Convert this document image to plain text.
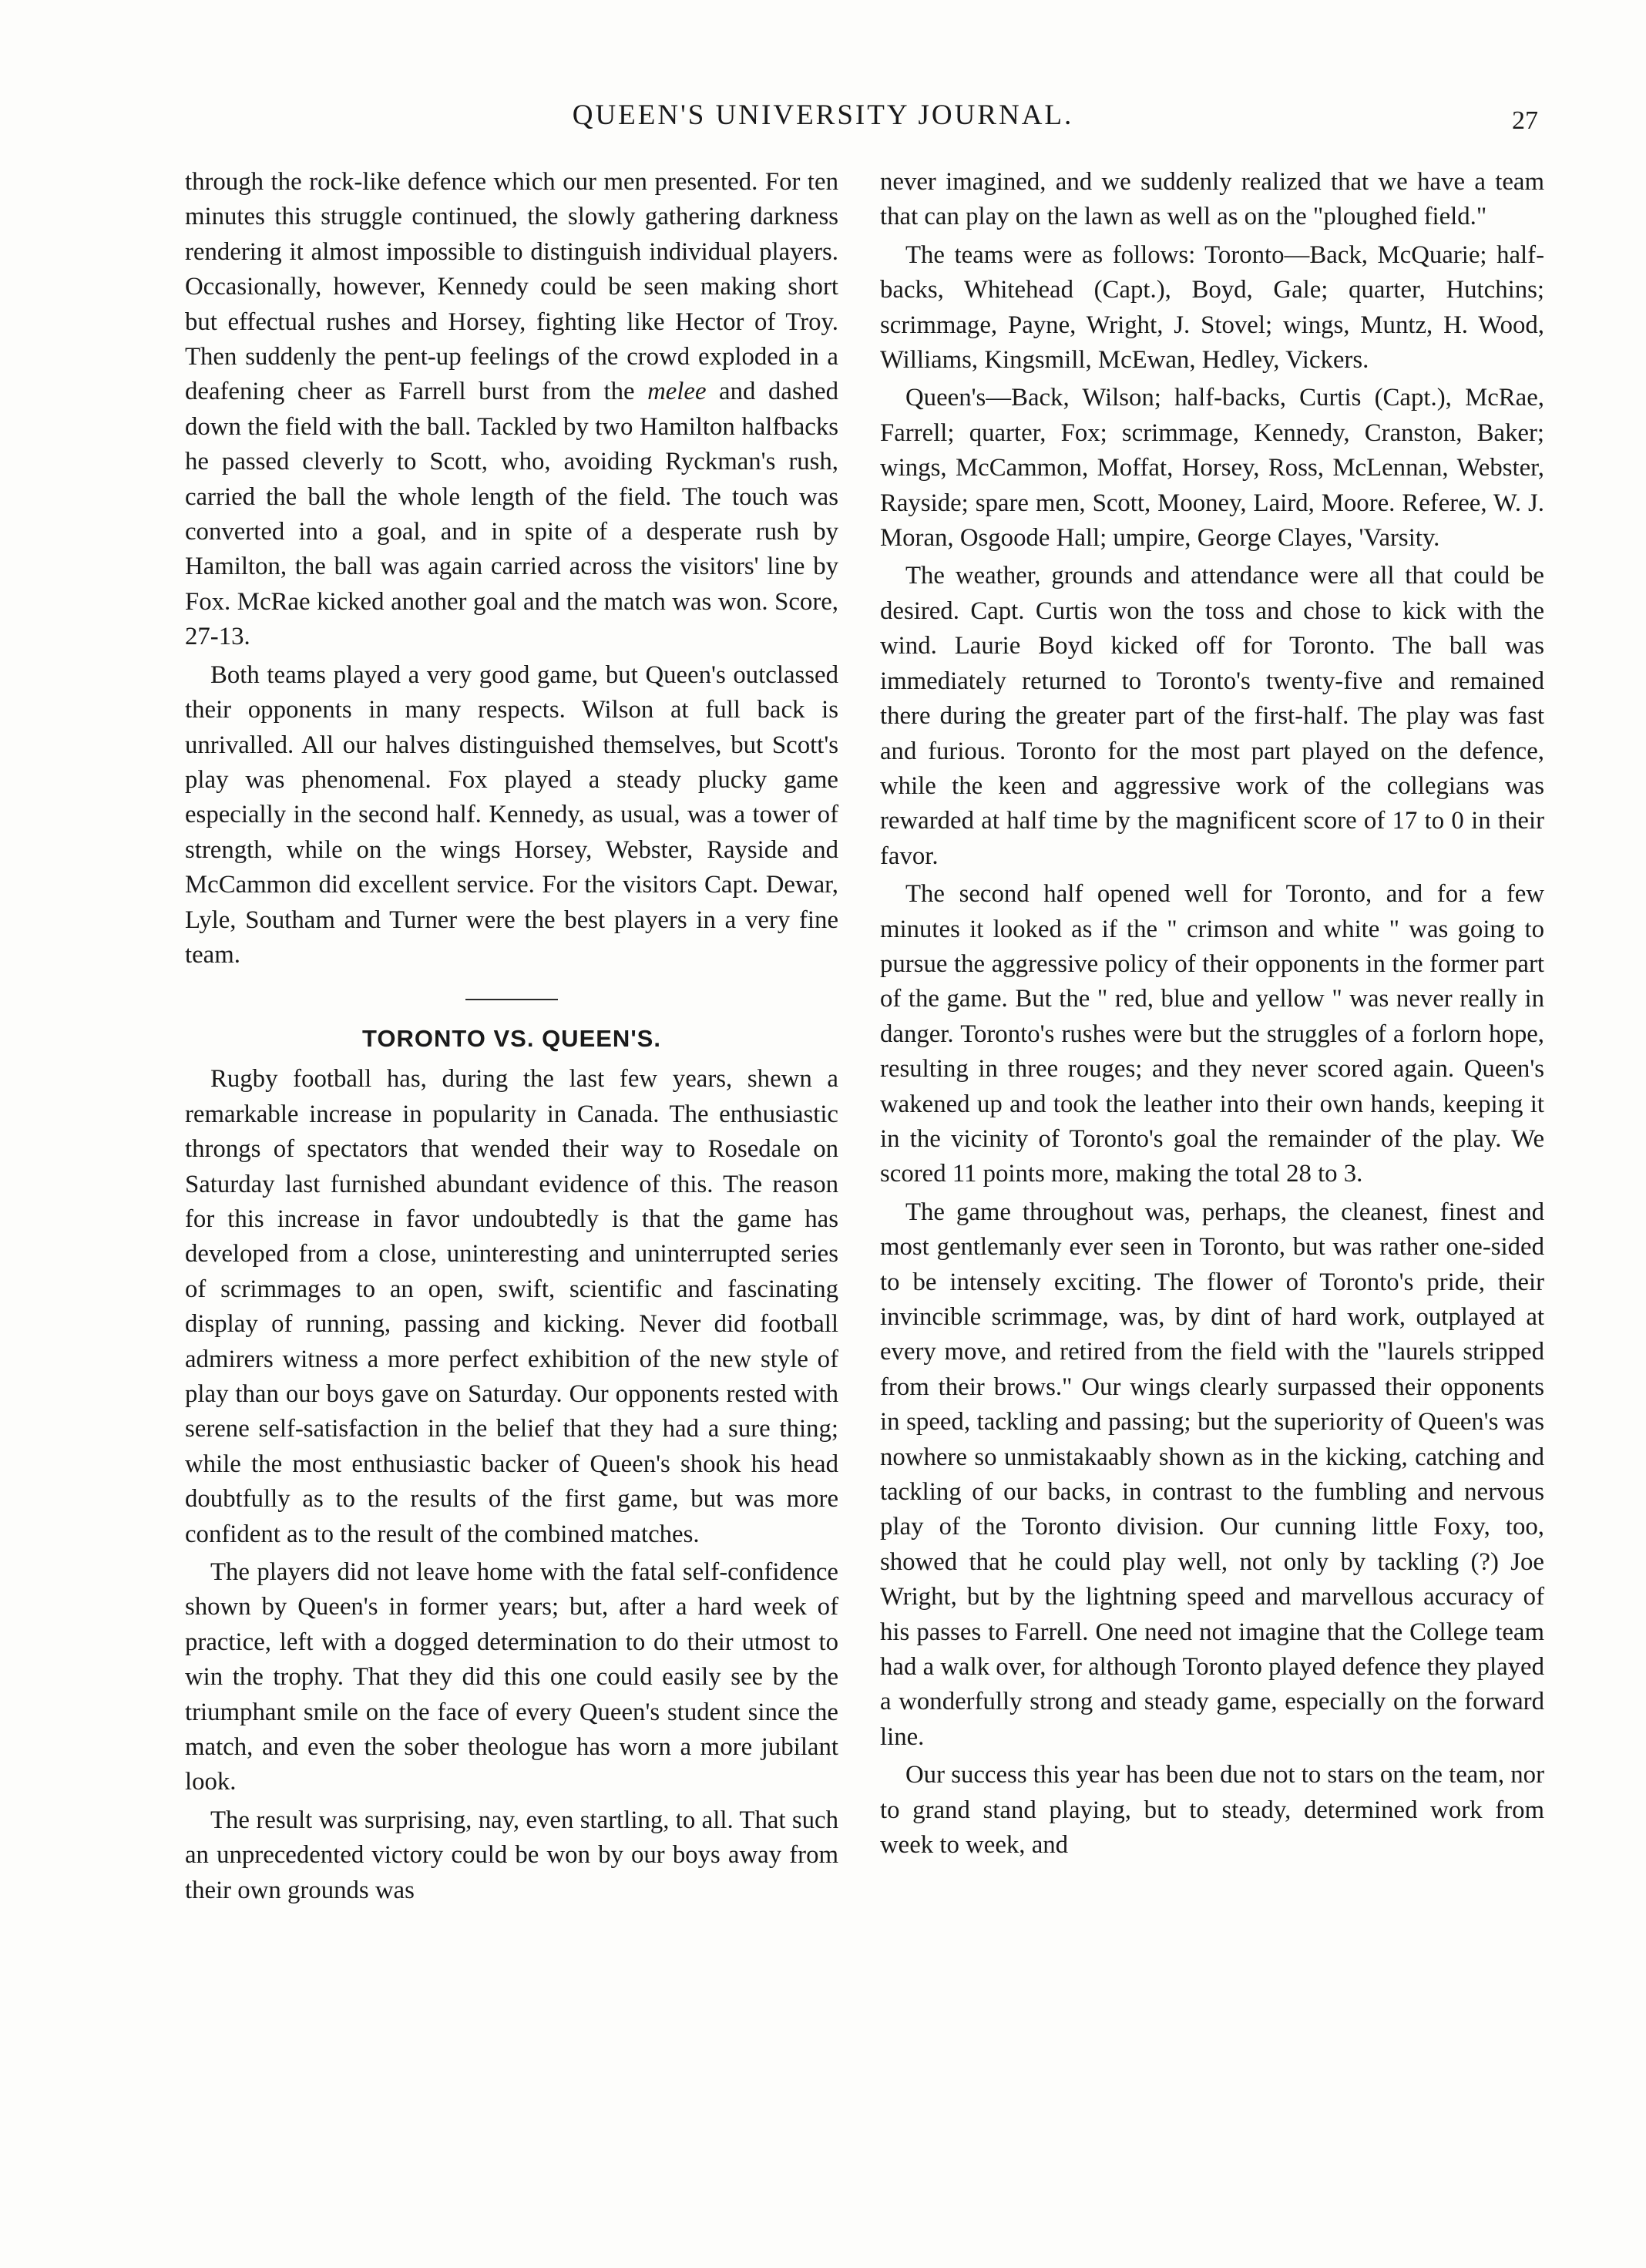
QUEEN'S UNIVERSITY JOURNAL.	27

through the rock-like defence which our men presented. For ten minutes this struggle continued, the slowly gathering darkness rendering it almost impossible to distinguish individual players. Occasionally, however, Kennedy could be seen making short but effectual rushes and Horsey, fighting like Hector of Troy. Then suddenly the pent-up feelings of the crowd exploded in a deafening cheer as Farrell burst from the melee and dashed down the field with the ball. Tackled by two Hamilton halfbacks he passed cleverly to Scott, who, avoiding Ryckman's rush, carried the ball the whole length of the field. The touch was converted into a goal, and in spite of a desperate rush by Hamilton, the ball was again carried across the visitors' line by Fox. McRae kicked another goal and the match was won. Score, 27-13.

Both teams played a very good game, but Queen's outclassed their opponents in many respects. Wilson at full back is unrivalled. All our halves distinguished themselves, but Scott's play was phenomenal. Fox played a steady plucky game especially in the second half. Kennedy, as usual, was a tower of strength, while on the wings Horsey, Webster, Rayside and McCammon did excellent service. For the visitors Capt. Dewar, Lyle, Southam and Turner were the best players in a very fine team.

TORONTO VS. QUEEN'S.

Rugby football has, during the last few years, shewn a remarkable increase in popularity in Canada. The enthusiastic throngs of spectators that wended their way to Rosedale on Saturday last furnished abundant evidence of this. The reason for this increase in favor undoubtedly is that the game has developed from a close, uninteresting and uninterrupted series of scrimmages to an open, swift, scientific and fascinating display of running, passing and kicking. Never did football admirers witness a more perfect exhibition of the new style of play than our boys gave on Saturday. Our opponents rested with serene self-satisfaction in the belief that they had a sure thing; while the most enthusiastic backer of Queen's shook his head doubtfully as to the results of the first game, but was more confident as to the result of the combined matches.

The players did not leave home with the fatal self-confidence shown by Queen's in former years; but, after a hard week of practice, left with a dogged determination to do their utmost to win the trophy. That they did this one could easily see by the triumphant smile on the face of every Queen's student since the match, and even the sober theologue has worn a more jubilant look.

The result was surprising, nay, even startling, to all. That such an unprecedented victory could be won by our boys away from their own grounds was

never imagined, and we suddenly realized that we have a team that can play on the lawn as well as on the "ploughed field."

The teams were as follows: Toronto—Back, McQuarie; half-backs, Whitehead (Capt.), Boyd, Gale; quarter, Hutchins; scrimmage, Payne, Wright, J. Stovel; wings, Muntz, H. Wood, Williams, Kingsmill, McEwan, Hedley, Vickers.

Queen's—Back, Wilson; half-backs, Curtis (Capt.), McRae, Farrell; quarter, Fox; scrimmage, Kennedy, Cranston, Baker; wings, McCammon, Moffat, Horsey, Ross, McLennan, Webster, Rayside; spare men, Scott, Mooney, Laird, Moore. Referee, W. J. Moran, Osgoode Hall; umpire, George Clayes, 'Varsity.

The weather, grounds and attendance were all that could be desired. Capt. Curtis won the toss and chose to kick with the wind. Laurie Boyd kicked off for Toronto. The ball was immediately returned to Toronto's twenty-five and remained there during the greater part of the first-half. The play was fast and furious. Toronto for the most part played on the defence, while the keen and aggressive work of the collegians was rewarded at half time by the magnificent score of 17 to 0 in their favor.

The second half opened well for Toronto, and for a few minutes it looked as if the " crimson and white " was going to pursue the aggressive policy of their opponents in the former part of the game. But the " red, blue and yellow " was never really in danger. Toronto's rushes were but the struggles of a forlorn hope, resulting in three rouges; and they never scored again. Queen's wakened up and took the leather into their own hands, keeping it in the vicinity of Toronto's goal the remainder of the play. We scored 11 points more, making the total 28 to 3.

The game throughout was, perhaps, the cleanest, finest and most gentlemanly ever seen in Toronto, but was rather one-sided to be intensely exciting. The flower of Toronto's pride, their invincible scrimmage, was, by dint of hard work, outplayed at every move, and retired from the field with the "laurels stripped from their brows." Our wings clearly surpassed their opponents in speed, tackling and passing; but the superiority of Queen's was nowhere so unmistakaably shown as in the kicking, catching and tackling of our backs, in contrast to the fumbling and nervous play of the Toronto division. Our cunning little Foxy, too, showed that he could play well, not only by tackling (?) Joe Wright, but by the lightning speed and marvellous accuracy of his passes to Farrell. One need not imagine that the College team had a walk over, for although Toronto played defence they played a wonderfully strong and steady game, especially on the forward line.

Our success this year has been due not to stars on the team, nor to grand stand playing, but to steady, determined work from week to week, and
